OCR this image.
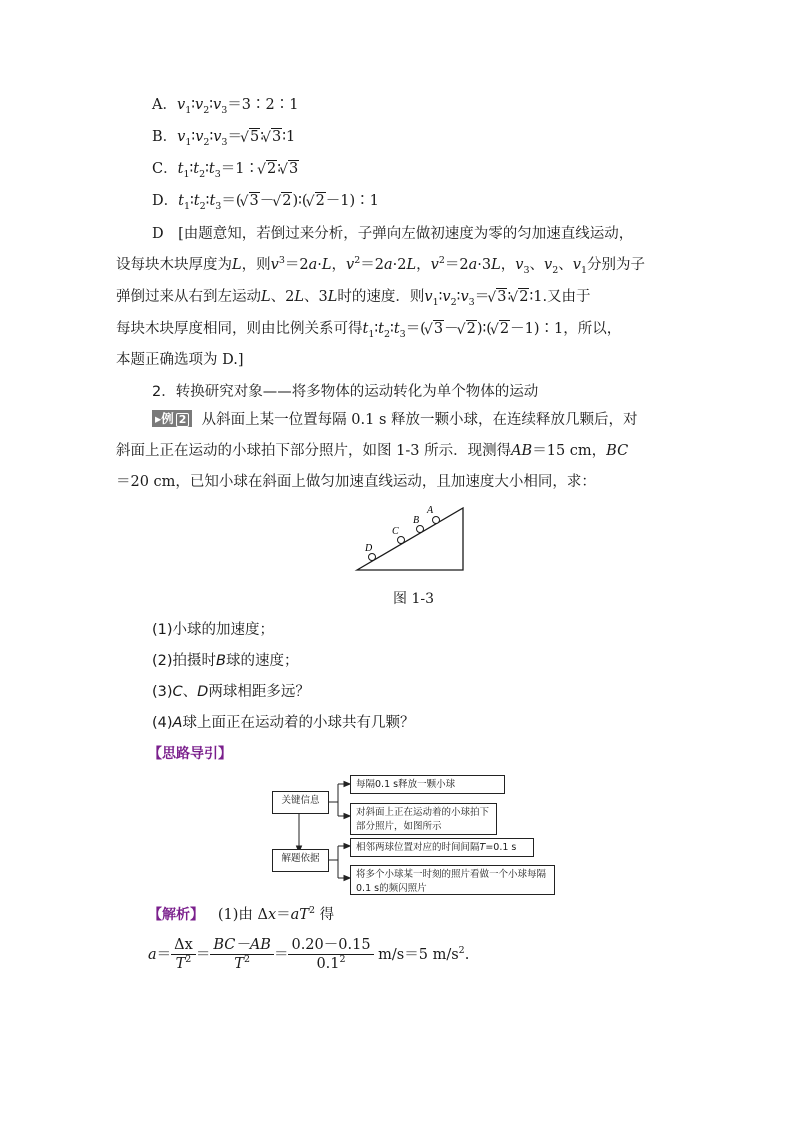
A．$v_1∶v_2∶v_3=3∶2∶1$
B．$v_1∶v_2∶v_3=√$ 5∶√ 3∶1
C．$t_1∶t_2∶t_3=1∶√$ 2∶√ 3
D．$t_1∶t_2∶t_3=(√$ 3－√ 2)∶(√ 2－1)∶1
D　[由题意知，若倒过来分析，子弹向左做初速度为零的匀加速直线运动，
设每块木块厚度为L，则$v^3=2a\cdot L$，$v^2=2a\cdot 2L$，$v^2=2a\cdot 3L$，$v_3$、$v_2$、$v_1$分别为子
弹倒过来从右到左运动L、2L、3L时的速度．则$v_1∶v_2∶v_3=√$ 3∶√ 2∶1.又由于
每块木块厚度相同，则由比例关系可得$t_1∶t_2∶t_3=(√$ 3－√ 2)∶(√ 2－1)∶1，所以，
本题正确选项为 D.]
2．转换研究对象——将多物体的运动转化为单个物体的运动
▸例 2 从斜面上某一位置每隔 0.1 s 释放一颗小球，在连续释放几颗后，对
斜面上正在运动的小球拍下部分照片，如图 1-3 所示．现测得AB＝15 cm，BC
＝20 cm，已知小球在斜面上做匀加速直线运动，且加速度大小相同，求：
D
C
B
A
图 1-3
(1)小球的加速度；
(2)拍摄时B球的速度；
(3)C、D两球相距多远？
(4)A球上面正在运动着的小球共有几颗？
【思路导引】
关键信息
解题依据
每隔0.1 s释放一颗小球
对斜面上正在运动着的小球拍下部分照片，如图所示
相邻两球位置对应的时间间隔T=0.1 s
将多个小球某一时刻的照片看做一个小球每隔0.1 s的频闪照片
【解析】 (1)由 $\Delta x=aT^2$ 得
$a= \frac{\Delta x}{T^2} = \frac{BC-AB}{T^2} = \frac{0.20-0.15}{0.1^2} m/s=5$ $m/s^2$.
